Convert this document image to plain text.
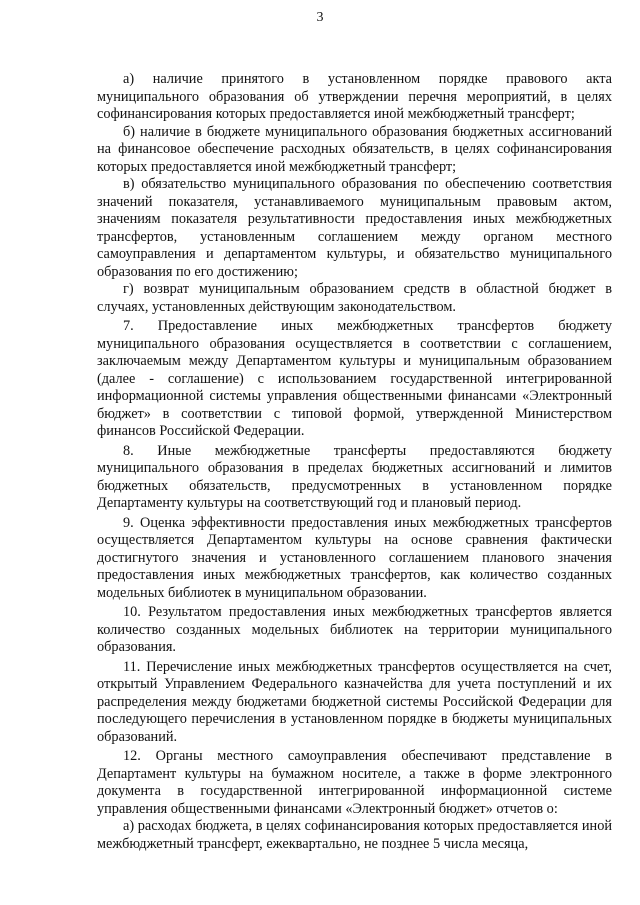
3

а) наличие принятого в установленном порядке правового акта муниципального образования об утверждении перечня мероприятий, в целях софинансирования которых предоставляется иной межбюджетный трансферт;

б) наличие в бюджете муниципального образования бюджетных ассигнований на финансовое обеспечение расходных обязательств, в целях софинансирования которых предоставляется иной межбюджетный трансферт;

в) обязательство муниципального образования по обеспечению соответствия значений показателя, устанавливаемого муниципальным правовым актом, значениям показателя результативности предоставления иных межбюджетных трансфертов, установленным соглашением между органом местного самоуправления и департаментом культуры, и обязательство муниципального образования по его достижению;

г) возврат муниципальным образованием средств в областной бюджет в случаях, установленных действующим законодательством.

7. Предоставление иных межбюджетных трансфертов бюджету муниципального образования осуществляется в соответствии с соглашением, заключаемым между Департаментом культуры и муниципальным образованием (далее - соглашение) с использованием государственной интегрированной информационной системы управления общественными финансами «Электронный бюджет» в соответствии с типовой формой, утвержденной Министерством финансов Российской Федерации.

8. Иные межбюджетные трансферты предоставляются бюджету муниципального образования в пределах бюджетных ассигнований и лимитов бюджетных обязательств, предусмотренных в установленном порядке Департаменту культуры на соответствующий год и плановый период.

9. Оценка эффективности предоставления иных межбюджетных трансфертов осуществляется Департаментом культуры на основе сравнения фактически достигнутого значения и установленного соглашением планового значения предоставления иных межбюджетных трансфертов, как количество созданных модельных библиотек в муниципальном образовании.

10. Результатом предоставления иных межбюджетных трансфертов является количество созданных модельных библиотек на территории муниципального образования.

11. Перечисление иных межбюджетных трансфертов осуществляется на счет, открытый Управлением Федерального казначейства для учета поступлений и их распределения между бюджетами бюджетной системы Российской Федерации для последующего перечисления в установленном порядке в бюджеты муниципальных образований.

12. Органы местного самоуправления обеспечивают представление в Департамент культуры на бумажном носителе, а также в форме электронного документа в государственной интегрированной информационной системе управления общественными финансами «Электронный бюджет» отчетов о:

а) расходах бюджета, в целях софинансирования которых предоставляется иной межбюджетный трансферт, ежеквартально, не позднее 5 числа месяца,
